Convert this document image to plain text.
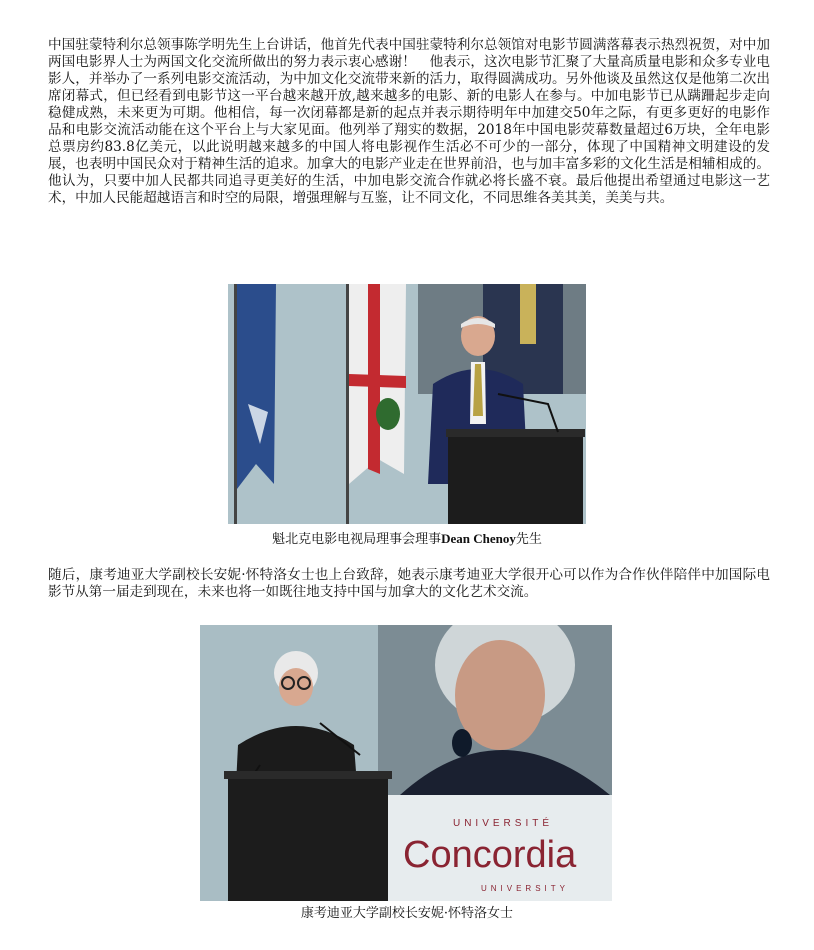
中国驻蒙特利尔总领事陈学明先生上台讲话，他首先代表中国驻蒙特利尔总领馆对电影节圆满落幕表示热烈祝贺，对中加两国电影界人士为两国文化交流所做出的努力表示衷心感谢！　他表示，这次电影节汇聚了大量高质量电影和众多专业电影人，并举办了一系列电影交流活动，为中加文化交流带来新的活力，取得圆满成功。另外他谈及虽然这仅是他第二次出席闭幕式，但已经看到电影节这一平台越来越开放,越来越多的电影、新的电影人在参与。中加电影节已从蹒跚起步走向稳健成熟，未来更为可期。他相信，每一次闭幕都是新的起点并表示期待明年中加建交50年之际，有更多更好的电影作品和电影交流活动能在这个平台上与大家见面。他列举了翔实的数据，2018年中国电影荧幕数量超过6万块，全年电影总票房约83.8亿美元，以此说明越来越多的中国人将电影视作生活必不可少的一部分，体现了中国精神文明建设的发展，也表明中国民众对于精神生活的追求。加拿大的电影产业走在世界前沿，也与加丰富多彩的文化生活是相辅相成的。他认为，只要中加人民都共同追寻更美好的生活，中加电影交流合作就必将长盛不衰。最后他提出希望通过电影这一艺术，中加人民能超越语言和时空的局限，增强理解与互鉴，让不同文化，不同思维各美其美，美美与共。

魁北克电影电视局理事会理事Dean Chenoy先生

随后，康考迪亚大学副校长安妮·怀特洛女士也上台致辞，她表示康考迪亚大学很开心可以作为合作伙伴陪伴中加国际电影节从第一届走到现在，未来也将一如既往地支持中国与加拿大的文化艺术交流。

UNIVERSITÉ
Concordia
UNIVERSITY
康考迪亚大学副校长安妮·怀特洛女士
